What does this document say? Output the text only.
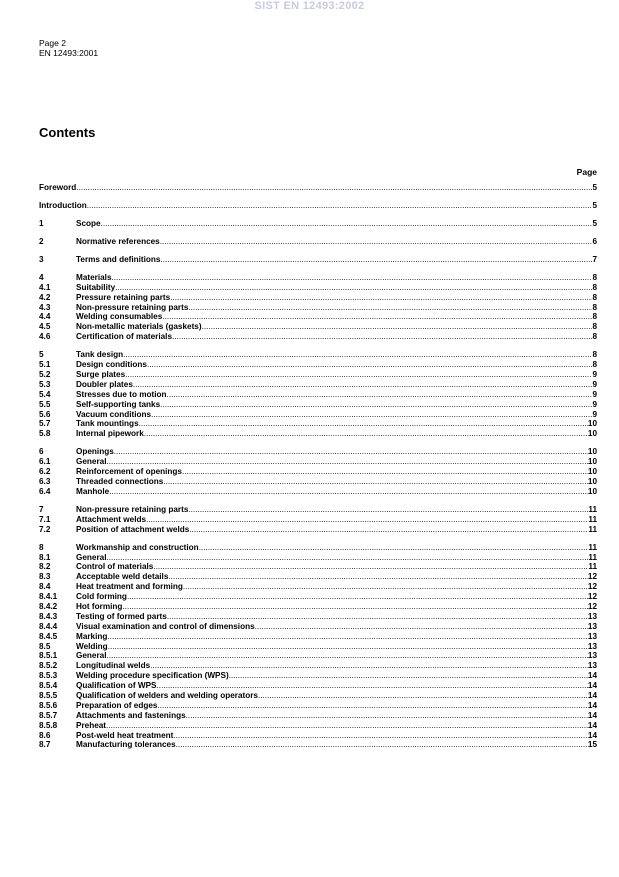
SIST EN 12493:2002
Page 2
EN 12493:2001
Contents
Page
Foreword .....	5
Introduction .....	5
1	Scope .....	5
2	Normative references .....	6
3	Terms and definitions .....	7
4	Materials .....	8
4.1	Suitability .....	8
4.2	Pressure retaining parts .....	8
4.3	Non-pressure retaining parts .....	8
4.4	Welding consumables .....	8
4.5	Non-metallic materials (gaskets) .....	8
4.6	Certification of materials .....	8
5	Tank design .....	8
5.1	Design conditions .....	8
5.2	Surge plates .....	9
5.3	Doubler plates .....	9
5.4	Stresses due to motion .....	9
5.5	Self-supporting tanks .....	9
5.6	Vacuum conditions .....	9
5.7	Tank mountings .....	10
5.8	Internal pipework .....	10
6	Openings .....	10
6.1	General .....	10
6.2	Reinforcement of openings .....	10
6.3	Threaded connections .....	10
6.4	Manhole .....	10
7	Non-pressure retaining parts .....	11
7.1	Attachment welds .....	11
7.2	Position of attachment welds .....	11
8	Workmanship and construction .....	11
8.1	General .....	11
8.2	Control of materials .....	11
8.3	Acceptable weld details .....	12
8.4	Heat treatment and forming .....	12
8.4.1	Cold forming .....	12
8.4.2	Hot forming .....	12
8.4.3	Testing of formed parts .....	13
8.4.4	Visual examination and control of dimensions .....	13
8.4.5	Marking .....	13
8.5	Welding .....	13
8.5.1	General .....	13
8.5.2	Longitudinal welds .....	13
8.5.3	Welding procedure specification (WPS) .....	14
8.5.4	Qualification of WPS .....	14
8.5.5	Qualification of welders and welding operators .....	14
8.5.6	Preparation of edges .....	14
8.5.7	Attachments and fastenings .....	14
8.5.8	Preheat .....	14
8.6	Post-weld heat treatment .....	14
8.7	Manufacturing tolerances .....	15
